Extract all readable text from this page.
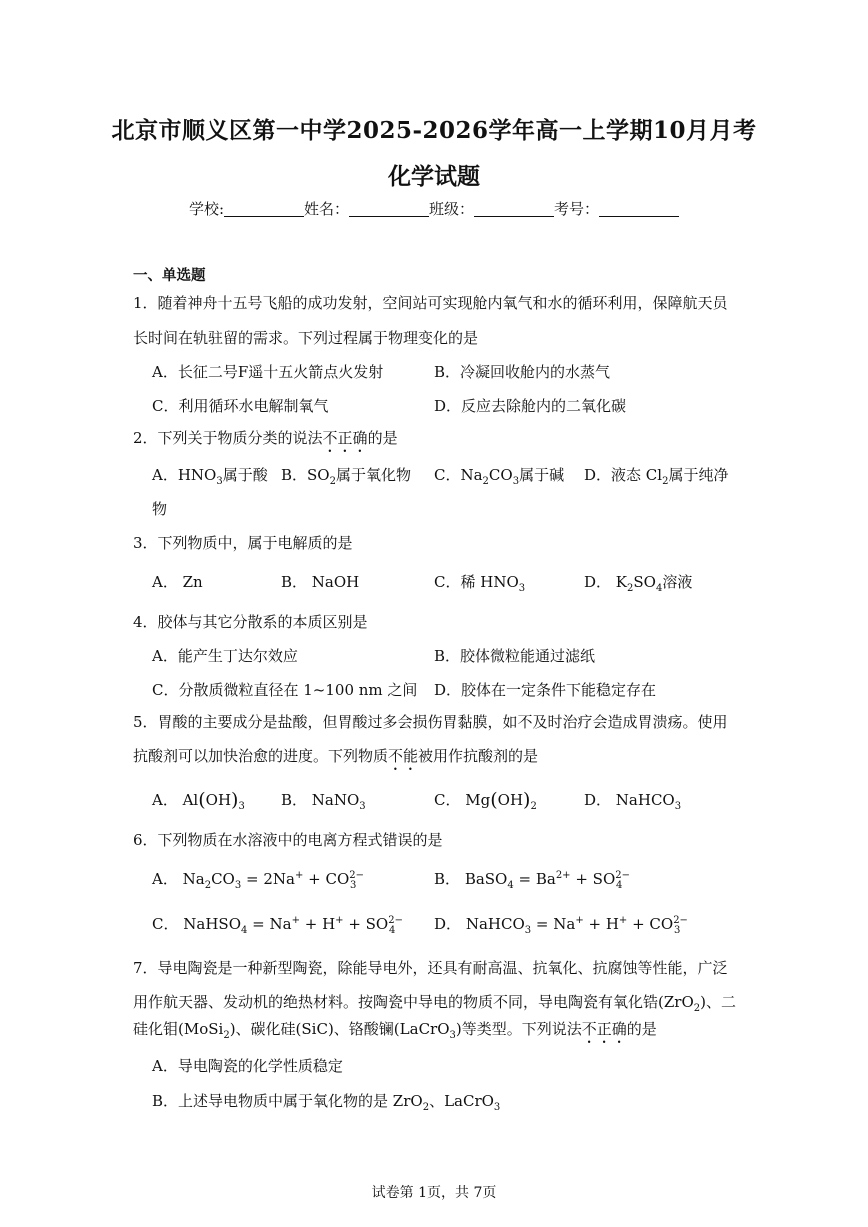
北京市顺义区第一中学2025-2026学年高一上学期10月月考
化学试题
学校:	姓名：	班级：	考号：
一、单选题
1．随着神舟十五号飞船的成功发射，空间站可实现舱内氧气和水的循环利用，保障航天员
长时间在轨驻留的需求。下列过程属于物理变化的是
A．长征二号F遥十五火箭点火发射	B．冷凝回收舱内的水蒸气
C．利用循环水电解制氧气	D．反应去除舱内的二氧化碳
2．下列关于物质分类的说法不正确的是
A．$HNO_3$属于酸 B．$SO_2$属于氧化物 C．$Na_2CO_3$属于碱 D．液态 $Cl_2$属于纯净
物
3．下列物质中，属于电解质的是
A． Zn	B． NaOH	C．稀 $HNO_3$	D． $K_2SO_4$溶液
4．胶体与其它分散系的本质区别是
A．能产生丁达尔效应	B．胶体微粒能通过滤纸
C．分散质微粒直径在 1~100 nm 之间 D．胶体在一定条件下能稳定存在
5．胃酸的主要成分是盐酸，但胃酸过多会损伤胃黏膜，如不及时治疗会造成胃溃疡。使用
抗酸剂可以加快治愈的进度。下列物质不能被用作抗酸剂的是
A． $Al(OH)_3$ B． NaNO$_3$	C． $Mg(OH)_2$	D． NaHCO$_3$
6．下列物质在水溶液中的电离方程式错误的是
A． $Na_2CO_3 = 2Na^+ + CO^{2-}_3$	B． BaSO$_4$ = $Ba^{2+} + SO^{2-}_4$
C． NaHSO$_4$ = $Na^+ + H^+ + SO^{2-}_4$	D． NaHCO$_3$ = $Na^+ + H^+ + CO^{2-}_3$
7．导电陶瓷是一种新型陶瓷，除能导电外，还具有耐高温、抗氧化、抗腐蚀等性能，广泛
用作航天器、发动机的绝热材料。按陶瓷中导电的物质不同，导电陶瓷有氧化锆(ZrO$_2$)、二
硅化钼(MoSi$_2$)、碳化硅(SiC)、铬酸镧(LaCrO$_3$)等类型。下列说法不正确的是
A．导电陶瓷的化学性质稳定
B．上述导电物质中属于氧化物的是 ZrO$_2$、LaCrO$_3$
试卷第 1页，共 7页
